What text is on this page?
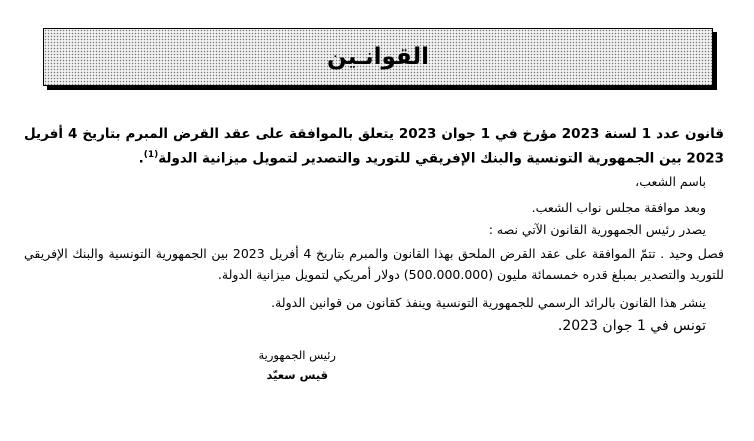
القوانـين
قانون عدد 1 لسنة 2023 مؤرخ في 1 جوان 2023 يتعلق بالموافقة على عقد القرض المبرم بتاريخ 4 أفريل 2023 بين الجمهورية التونسية والبنك الإفريقي للتوريد والتصدير لتمويل ميزانية الدولة$^{(1)}$.
باسم الشعب،
وبعد موافقة مجلس نواب الشعب.
يصدر رئيس الجمهورية القانون الآتي نصه :
فصل وحيد . تتمّ الموافقة على عقد القرض الملحق بهذا القانون والمبرم بتاريخ 4 أفريل 2023 بين الجمهورية التونسية والبنك الإفريقي للتوريد والتصدير بمبلغ قدره خمسمائة مليون (500.000.000) دولار أمريكي لتمويل ميزانية الدولة.
ينشر هذا القانون بالرائد الرسمي للجمهورية التونسية وينفذ كقانون من قوانين الدولة.
تونس في 1 جوان 2023.
رئيس الجمهورية
قيس سعيّد
